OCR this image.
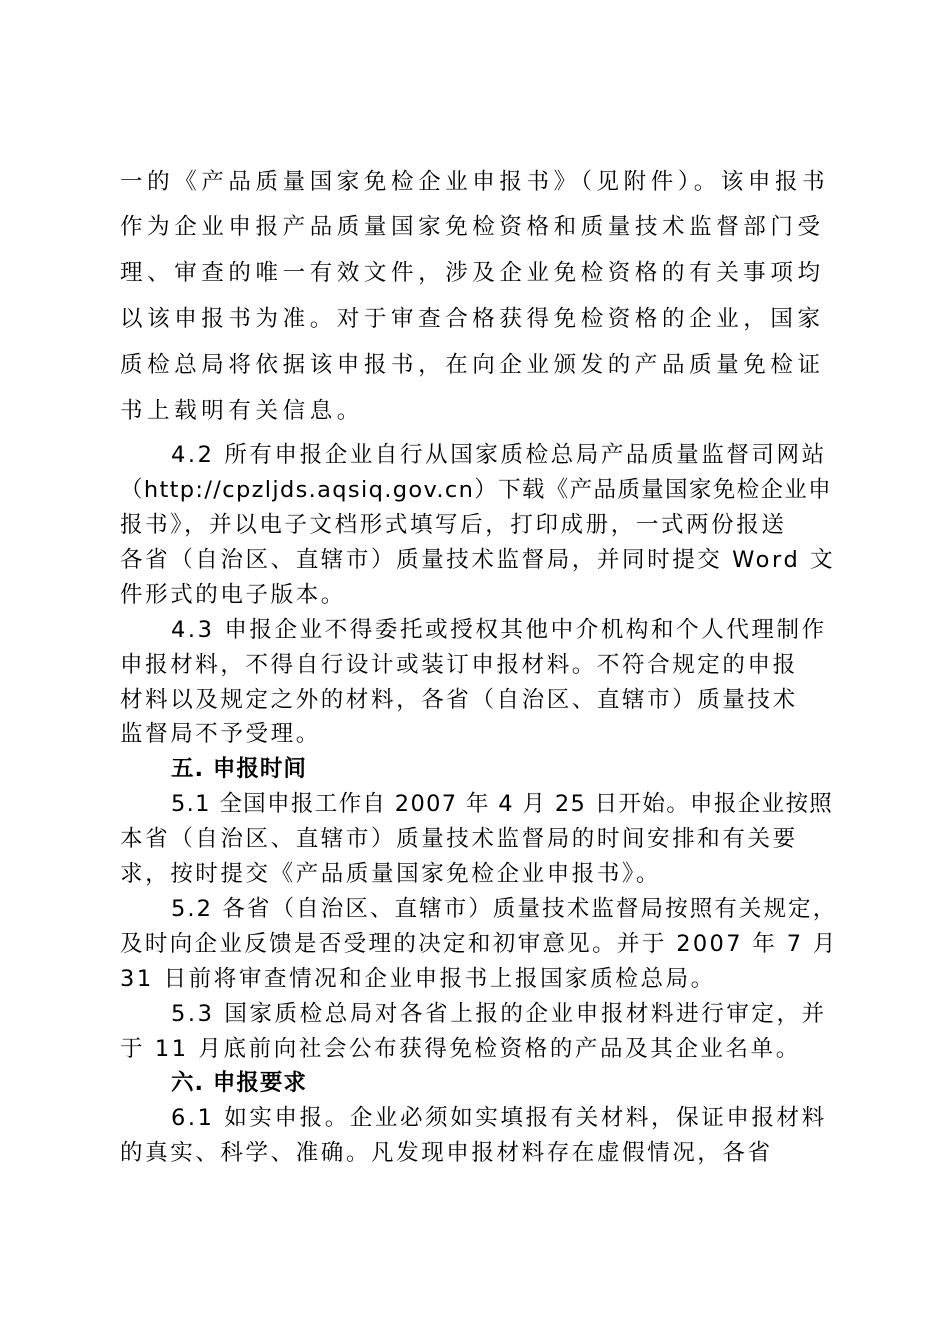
一的《产品质量国家免检企业申报书》（见附件）。该申报书
作为企业申报产品质量国家免检资格和质量技术监督部门受
理、审查的唯一有效文件，涉及企业免检资格的有关事项均
以该申报书为准。对于审查合格获得免检资格的企业，国家
质检总局将依据该申报书，在向企业颁发的产品质量免检证
书上载明有关信息。
4.2 所有申报企业自行从国家质检总局产品质量监督司网站
（http://cpzljds.aqsiq.gov.cn）下载《产品质量国家免检企业申
报书》，并以电子文档形式填写后，打印成册，一式两份报送
各省（自治区、直辖市）质量技术监督局，并同时提交 Word 文
件形式的电子版本。
4.3 申报企业不得委托或授权其他中介机构和个人代理制作
申报材料，不得自行设计或装订申报材料。不符合规定的申报
材料以及规定之外的材料，各省（自治区、直辖市）质量技术
监督局不予受理。
五. 申报时间
5.1 全国申报工作自 2007 年 4 月 25 日开始。申报企业按照
本省（自治区、直辖市）质量技术监督局的时间安排和有关要
求，按时提交《产品质量国家免检企业申报书》。
5.2 各省（自治区、直辖市）质量技术监督局按照有关规定，
及时向企业反馈是否受理的决定和初审意见。并于 2007 年 7 月
31 日前将审查情况和企业申报书上报国家质检总局。
5.3 国家质检总局对各省上报的企业申报材料进行审定，并
于 11 月底前向社会公布获得免检资格的产品及其企业名单。
六. 申报要求
6.1 如实申报。企业必须如实填报有关材料，保证申报材料
的真实、科学、准确。凡发现申报材料存在虚假情况，各省
